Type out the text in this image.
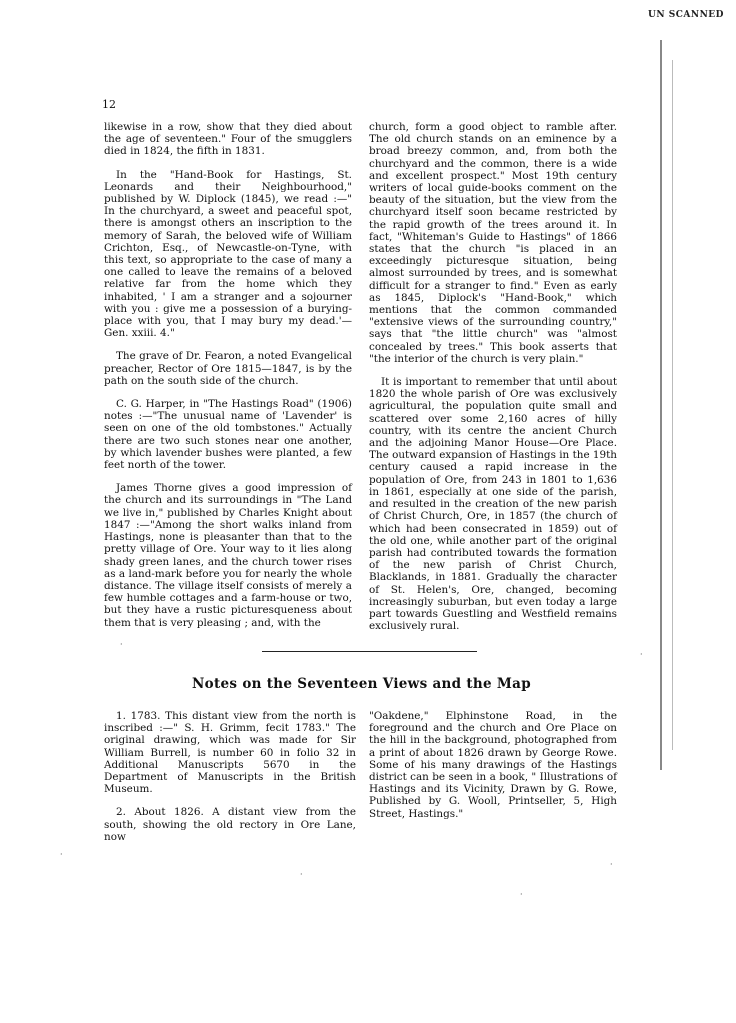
UN SCANNED
12

likewise in a row, show that they died about the age of seventeen." Four of the smugglers died in 1824, the fifth in 1831.

In the "Hand-Book for Hastings, St. Leonards and their Neighbourhood," published by W. Diplock (1845), we read :—" In the churchyard, a sweet and peaceful spot, there is amongst others an inscription to the memory of Sarah, the beloved wife of William Crichton, Esq., of Newcastle-on-Tyne, with this text, so appropriate to the case of many a one called to leave the remains of a beloved relative far from the home which they inhabited, ' I am a stranger and a sojourner with you : give me a possession of a burying-place with you, that I may bury my dead.'—Gen. xxiii. 4."

The grave of Dr. Fearon, a noted Evangelical preacher, Rector of Ore 1815—1847, is by the path on the south side of the church.

C. G. Harper, in "The Hastings Road" (1906) notes :—"The unusual name of 'Lavender' is seen on one of the old tombstones." Actually there are two such stones near one another, by which lavender bushes were planted, a few feet north of the tower.

James Thorne gives a good impression of the church and its surroundings in "The Land we live in," published by Charles Knight about 1847 :—"Among the short walks inland from Hastings, none is pleasanter than that to the pretty village of Ore. Your way to it lies along shady green lanes, and the church tower rises as a land-mark before you for nearly the whole distance. The village itself consists of merely a few humble cottages and a farm-house or two, but they have a rustic picturesqueness about them that is very pleasing ; and, with the

church, form a good object to ramble after. The old church stands on an eminence by a broad breezy common, and, from both the churchyard and the common, there is a wide and excellent prospect." Most 19th century writers of local guide-books comment on the beauty of the situation, but the view from the churchyard itself soon became restricted by the rapid growth of the trees around it. In fact, "Whiteman's Guide to Hastings" of 1866 states that the church "is placed in an exceedingly picturesque situation, being almost surrounded by trees, and is somewhat difficult for a stranger to find." Even as early as 1845, Diplock's "Hand-Book," which mentions that the common commanded "extensive views of the surrounding country," says that "the little church" was "almost concealed by trees." This book asserts that "the interior of the church is very plain."

It is important to remember that until about 1820 the whole parish of Ore was exclusively agricultural, the population quite small and scattered over some 2,160 acres of hilly country, with its centre the ancient Church and the adjoining Manor House—Ore Place. The outward expansion of Hastings in the 19th century caused a rapid increase in the population of Ore, from 243 in 1801 to 1,636 in 1861, especially at one side of the parish, and resulted in the creation of the new parish of Christ Church, Ore, in 1857 (the church of which had been consecrated in 1859) out of the old one, while another part of the original parish had contributed towards the formation of the new parish of Christ Church, Blacklands, in 1881. Gradually the character of St. Helen's, Ore, changed, becoming increasingly suburban, but even today a large part towards Guestling and Westfield remains exclusively rural.

Notes on the Seventeen Views and the Map

1. 1783. This distant view from the north is inscribed :—" S. H. Grimm, fecit 1783." The original drawing, which was made for Sir William Burrell, is number 60 in folio 32 in Additional Manuscripts 5670 in the Department of Manuscripts in the British Museum.

2. About 1826. A distant view from the south, showing the old rectory in Ore Lane, now

"Oakdene," Elphinstone Road, in the foreground and the church and Ore Place on the hill in the background, photographed from a print of about 1826 drawn by George Rowe. Some of his many drawings of the Hastings district can be seen in a book, " Illustrations of Hastings and its Vicinity, Drawn by G. Rowe, Published by G. Wooll, Printseller, 5, High Street, Hastings."

·
·
·
·
·
·
